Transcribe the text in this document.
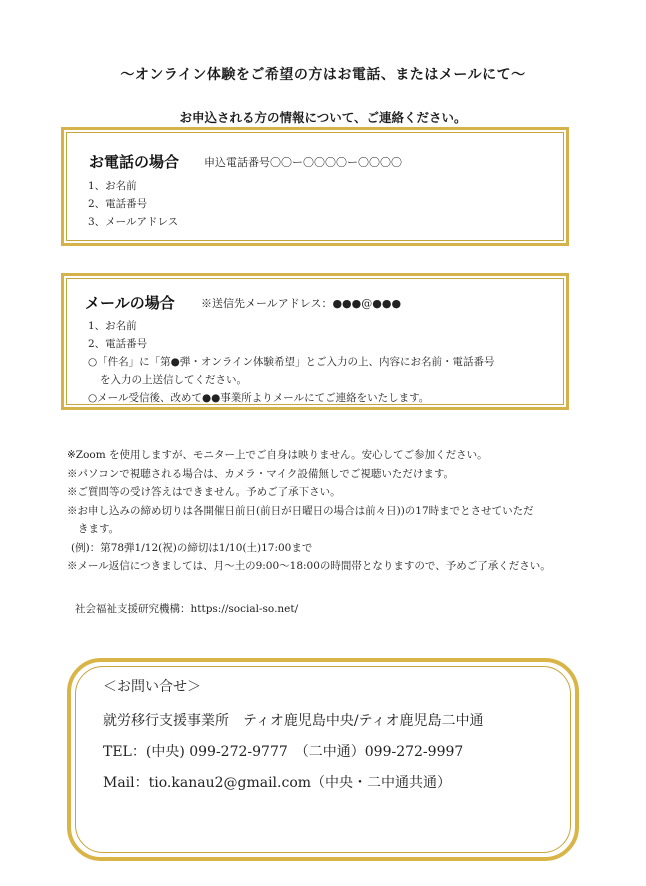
～オンライン体験をご希望の方はお電話、またはメールにて～
お申込される方の情報について、ご連絡ください。
お電話の場合 申込電話番号〇〇ー〇〇〇〇ー〇〇〇〇
1、お名前
2、電話番号
3、メールアドレス
メールの場合 ※送信先メールアドレス：●●●@●●●
1、お名前
2、電話番号
○「件名」に「第●弾・オンライン体験希望」とご入力の上、内容にお名前・電話番号
を入力の上送信してください。
○メール受信後、改めて●●事業所よりメールにてご連絡をいたします。
※Zoom を使用しますが、モニター上でご自身は映りません。安心してご参加ください。
※パソコンで視聴される場合は、カメラ・マイク設備無しでご視聴いただけます。
※ご質問等の受け答えはできません。予めご了承下さい。
※お申し込みの締め切りは各開催日前日(前日が日曜日の場合は前々日))の17時までとさせていただ
きます。
(例)：第78弾1/12(祝)の締切は1/10(土)17:00まで
※メール返信につきましては、月～土の9:00～18:00の時間帯となりますので、予めご了承ください。
社会福祉支援研究機構：https://social-so.net/
＜お問い合せ＞
就労移行支援事業所　ティオ鹿児島中央/ティオ鹿児島二中通
TEL：(中央) 099-272-9777　（二中通）099-272-9997
Mail：tio.kanau2@gmail.com（中央・二中通共通）
